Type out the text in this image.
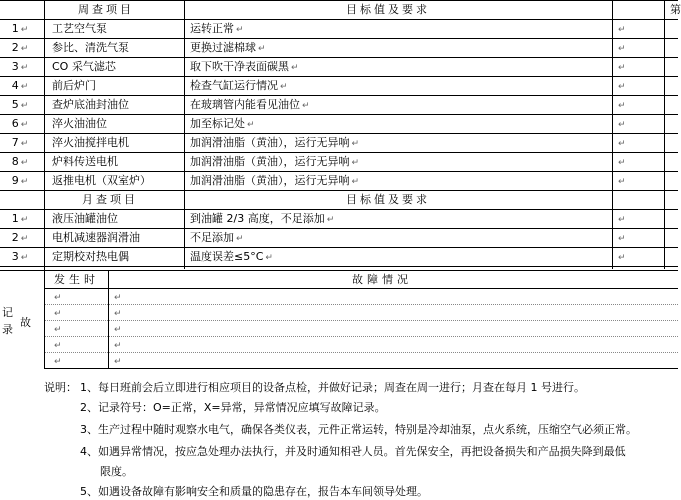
周查项目	目标值及要求	第
1 ↵	工艺空气泵	运转正常 ↵	↵
2 ↵	参比、清洗气泵	更换过滤棉球 ↵	↵
3 ↵	CO 采气滤芯	取下吹干净表面碳黑 ↵	↵
4 ↵	前后炉门	检查气缸运行情况 ↵	↵
5 ↵	查炉底油封油位	在玻璃管内能看见油位 ↵	↵
6 ↵	淬火油油位	加至标记处 ↵	↵
7 ↵	淬火油搅拌电机	加润滑油脂（黄油），运行无异响 ↵	↵
8 ↵	炉料传送电机	加润滑油脂（黄油），运行无异响 ↵	↵
9 ↵	返推电机（双室炉）	加润滑油脂（黄油），运行无异响 ↵	↵
月查项目	目标值及要求
1 ↵	液压油罐油位	到油罐 2/3 高度，不足添加 ↵	↵
2 ↵	电机减速器润滑油	不足添加 ↵	↵
3 ↵	定期校对热电偶	温度误差≤5°C ↵	↵
发生时	故障情况
记
录
故
↵	↵
↵	↵
↵	↵
↵	↵
↵	↵
说明： 1、每日班前会后立即进行相应项目的设备点检，并做好记录；周查在周一进行；月查在每月 1 号进行。
2、记录符号：O=正常，X=异常，异常情况应填写故障记录。
3、生产过程中随时观察水电气，确保各类仪表，元件正常运转，特别是冷却油泵，点火系统，压缩空气必须正常。
4、如遇异常情况，按应急处理办法执行，并及时通知相관人员。首先保安全，再把设备损失和产品损失降到最低
限度。
5、如遇设备故障有影响安全和质量的隐患存在，报告本车间领导处理。
